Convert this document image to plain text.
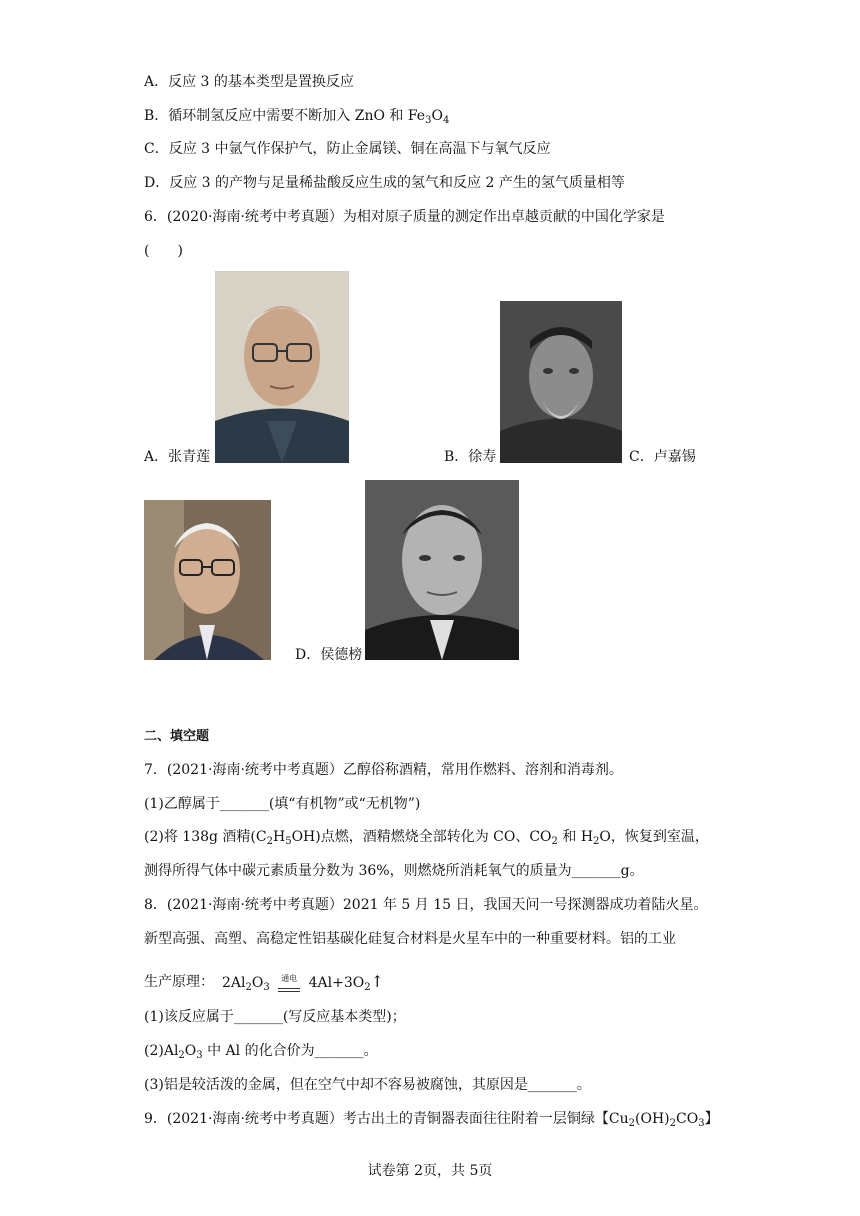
A．反应 3 的基本类型是置换反应
B．循环制氢反应中需要不断加入 ZnO 和 $Fe_3O_4$
C．反应 3 中氩气作保护气，防止金属镁、铜在高温下与氧气反应
D．反应 3 的产物与足量稀盐酸反应生成的氢气和反应 2 产生的氢气质量相等
6．(2020·海南·统考中考真题）为相对原子质量的测定作出卓越贡献的中国化学家是
(　　)
A．张青莲	B．徐寿	C．卢嘉锡
D．侯德榜
二、填空题
7．(2021·海南·统考中考真题）乙醇俗称酒精，常用作燃料、溶剂和消毒剂。
(1)乙醇属于_______(填“有机物”或“无机物”)
(2)将 138g 酒精$(C_2H_5OH)$点燃，酒精燃烧全部转化为 CO、$CO_2$ 和 $H_2O$，恢复到室温，
测得所得气体中碳元素质量分数为 36%，则燃烧所消耗氧气的质量为_______g。
8．(2021·海南·统考中考真题）2021 年 5 月 15 日，我国天问一号探测器成功着陆火星。
新型高强、高塑、高稳定性铝基碳化硅复合材料是火星车中的一种重要材料。铝的工业
生产原理： $2Al_2O_3$
通电 $4Al+3O_2↑$
(1)该反应属于_______(写反应基本类型)；
$(2)Al_2O_3$ 中 Al 的化合价为_______。
(3)铝是较活泼的金属，但在空气中却不容易被腐蚀，其原因是_______。
9．(2021·海南·统考中考真题）考古出土的青铜器表面往往附着一层铜绿【$Cu_2(OH)_2CO_3$】
试卷第 2页，共 5页
